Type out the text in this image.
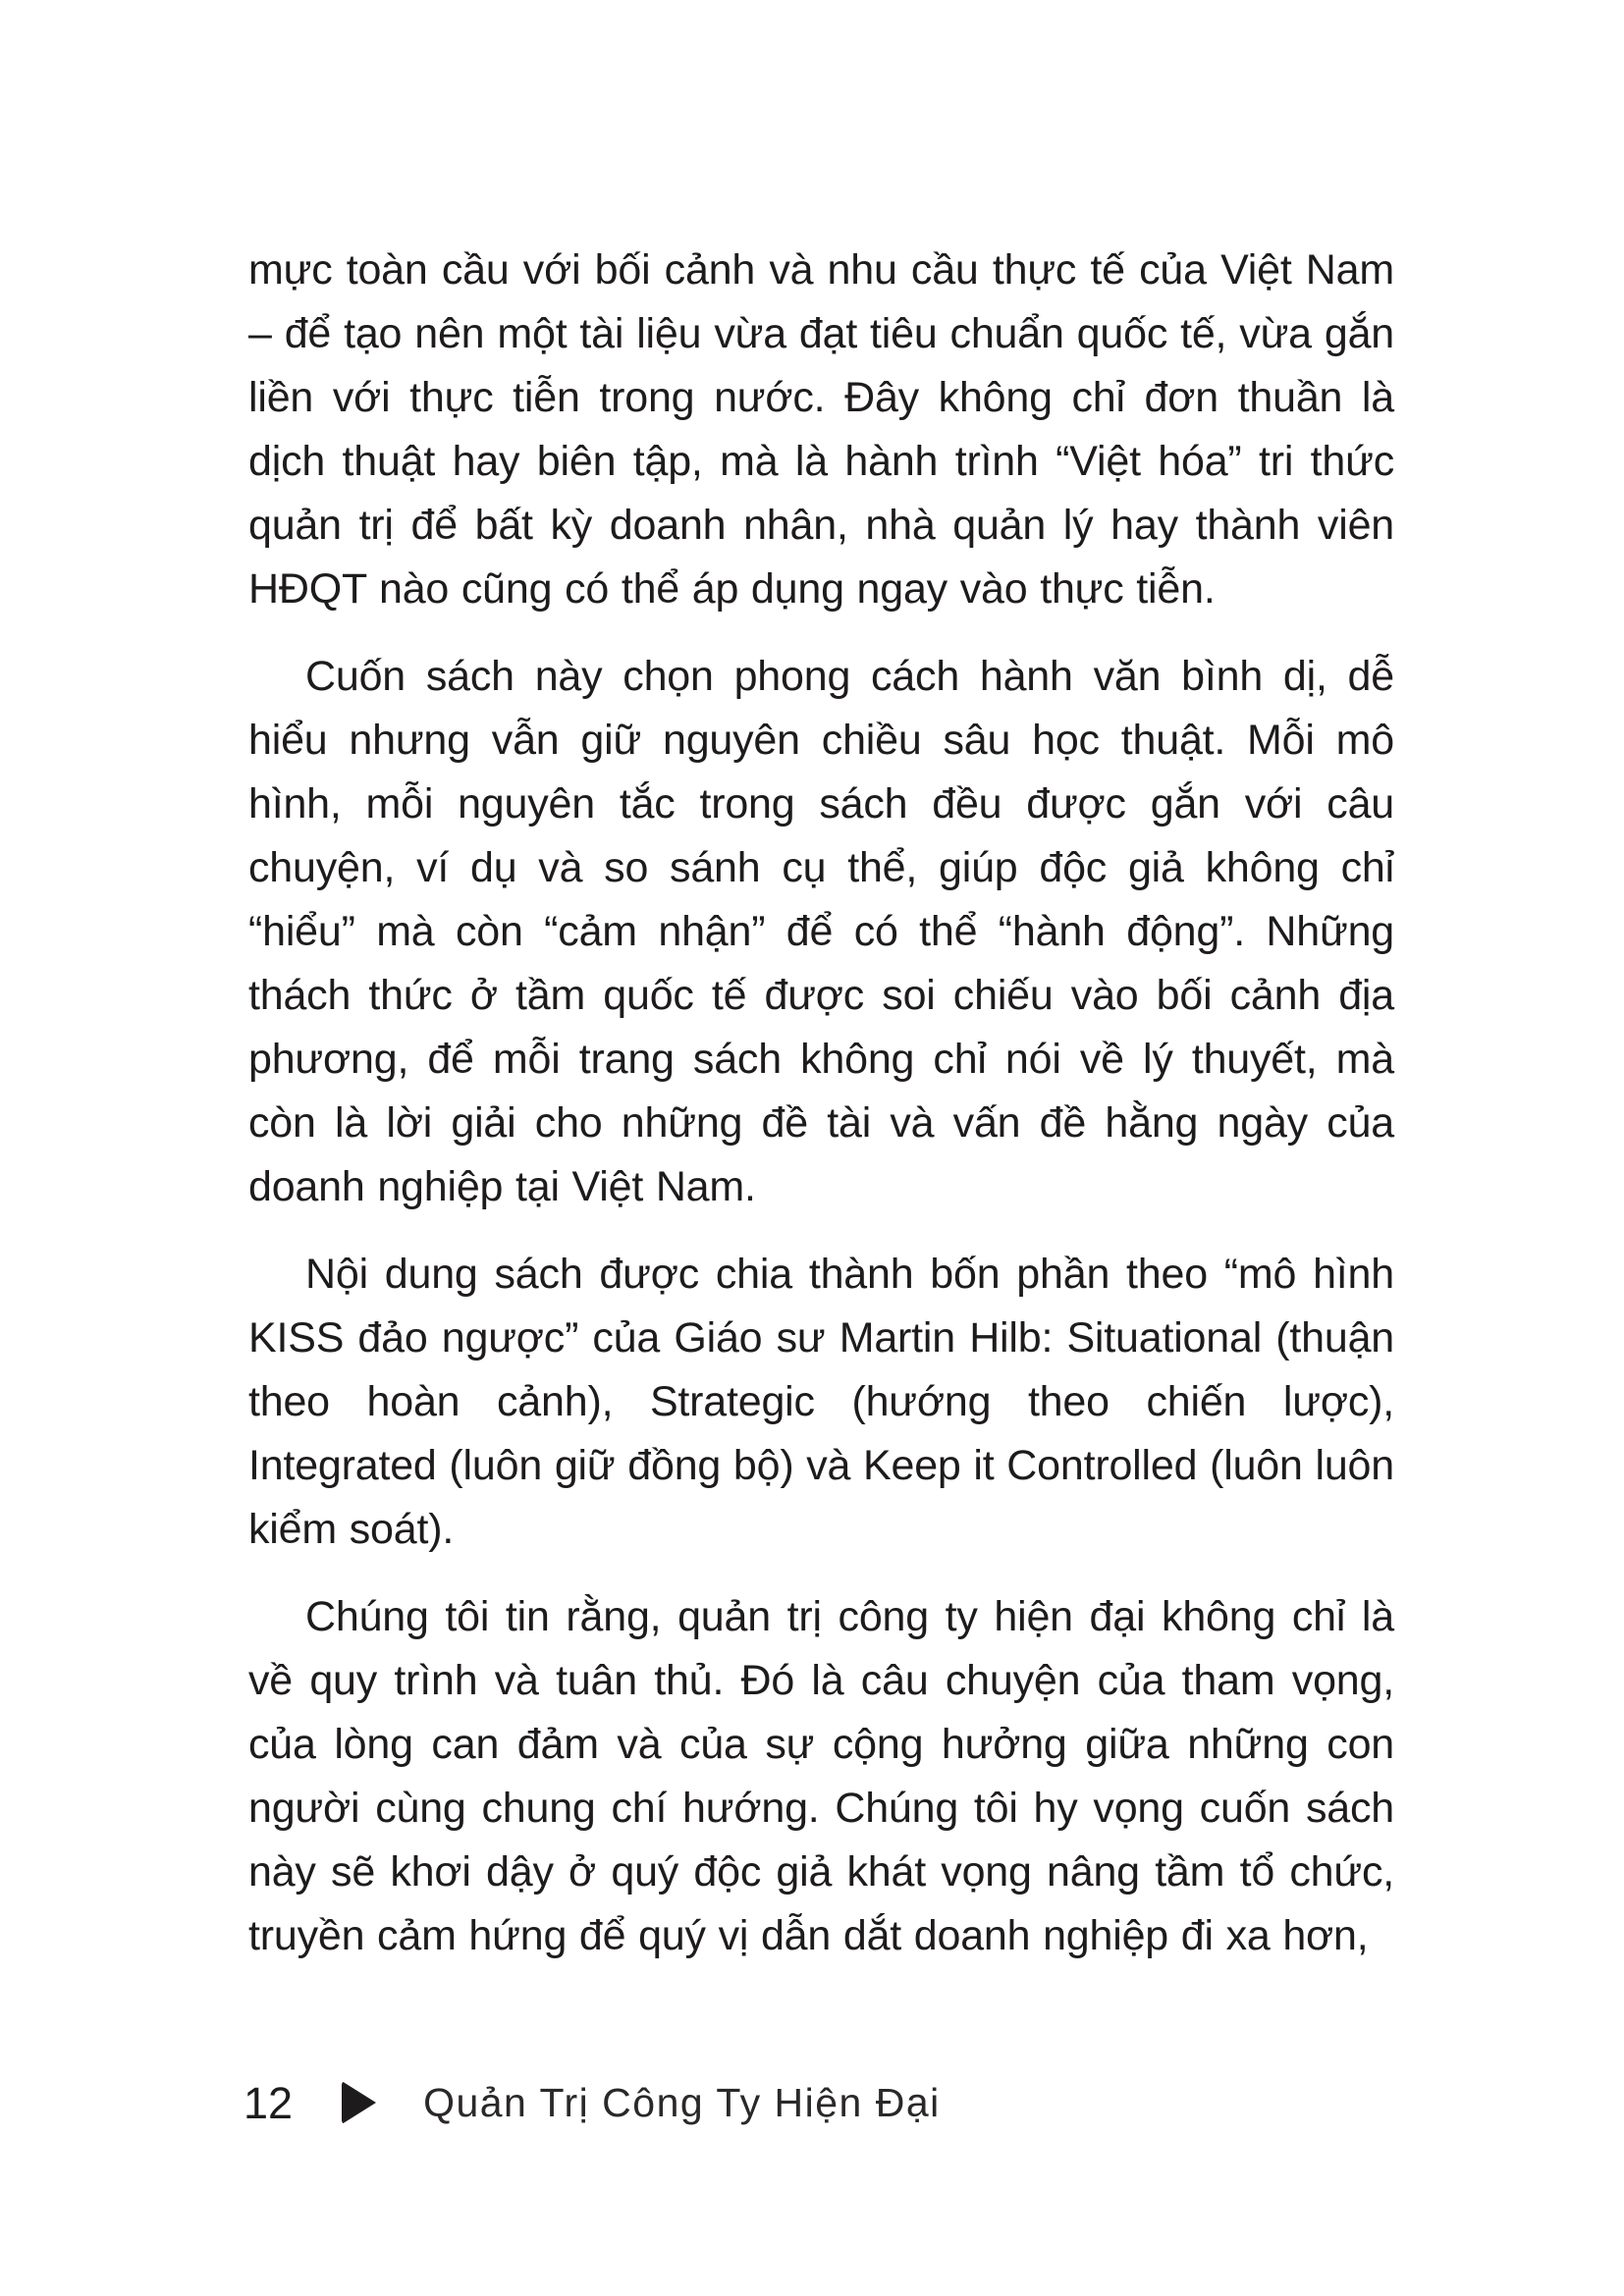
mực toàn cầu với bối cảnh và nhu cầu thực tế của Việt Nam – để tạo nên một tài liệu vừa đạt tiêu chuẩn quốc tế, vừa gắn liền với thực tiễn trong nước. Đây không chỉ đơn thuần là dịch thuật hay biên tập, mà là hành trình “Việt hóa” tri thức quản trị để bất kỳ doanh nhân, nhà quản lý hay thành viên HĐQT nào cũng có thể áp dụng ngay vào thực tiễn.

Cuốn sách này chọn phong cách hành văn bình dị, dễ hiểu nhưng vẫn giữ nguyên chiều sâu học thuật. Mỗi mô hình, mỗi nguyên tắc trong sách đều được gắn với câu chuyện, ví dụ và so sánh cụ thể, giúp độc giả không chỉ “hiểu” mà còn “cảm nhận” để có thể “hành động”. Những thách thức ở tầm quốc tế được soi chiếu vào bối cảnh địa phương, để mỗi trang sách không chỉ nói về lý thuyết, mà còn là lời giải cho những đề tài và vấn đề hằng ngày của doanh nghiệp tại Việt Nam.

Nội dung sách được chia thành bốn phần theo “mô hình KISS đảo ngược” của Giáo sư Martin Hilb: Situational (thuận theo hoàn cảnh), Strategic (hướng theo chiến lược), Integrated (luôn giữ đồng bộ) và Keep it Controlled (luôn luôn kiểm soát).

Chúng tôi tin rằng, quản trị công ty hiện đại không chỉ là về quy trình và tuân thủ. Đó là câu chuyện của tham vọng, của lòng can đảm và của sự cộng hưởng giữa những con người cùng chung chí hướng. Chúng tôi hy vọng cuốn sách này sẽ khơi dậy ở quý độc giả khát vọng nâng tầm tổ chức, truyền cảm hứng để quý vị dẫn dắt doanh nghiệp đi xa hơn,

12	Quản Trị Công Ty Hiện Đại
